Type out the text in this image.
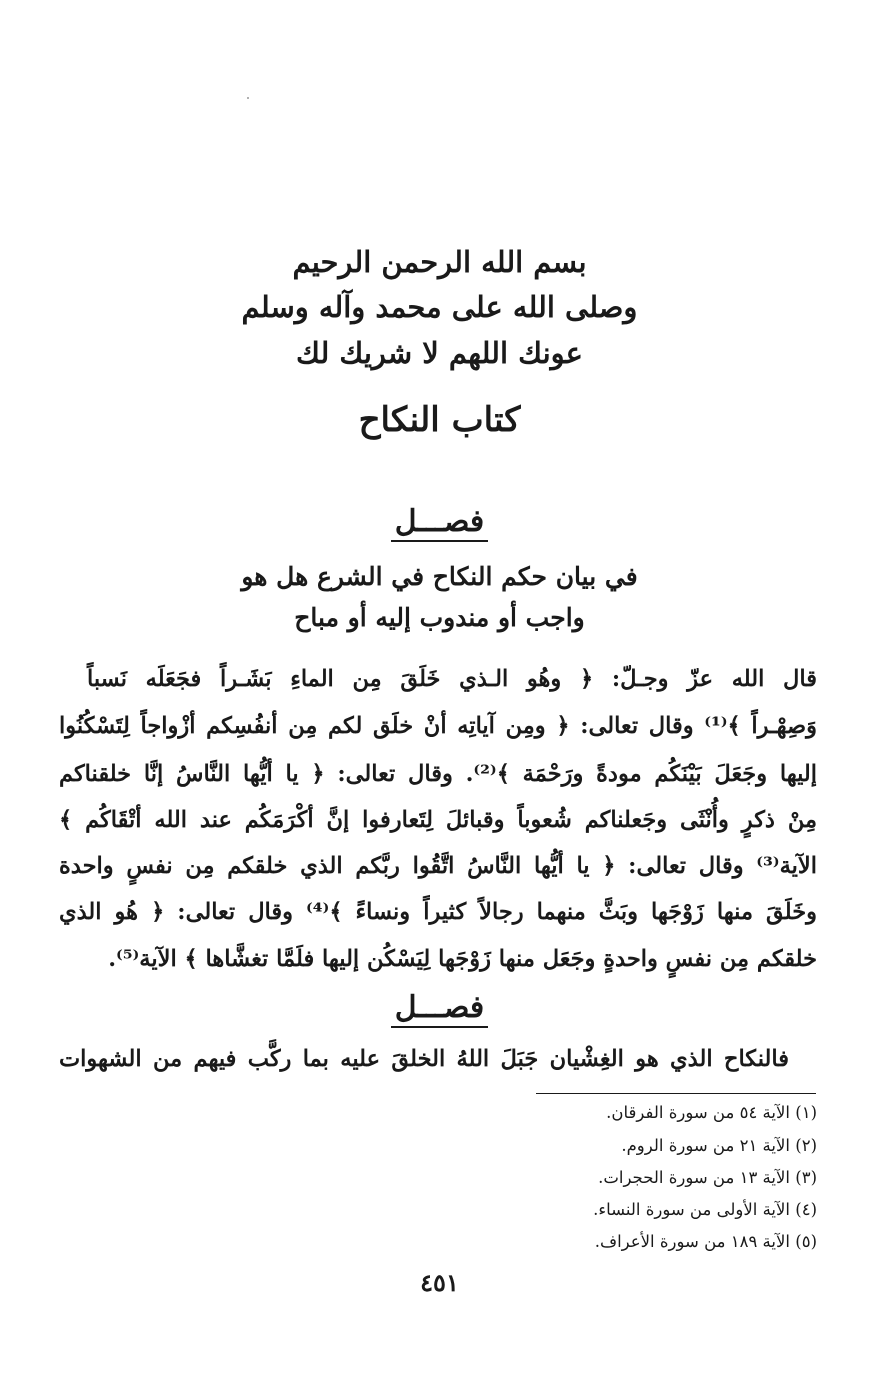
بسم الله الرحمن الرحيم
وصلى الله على محمد وآله وسلم
عونك اللهم لا شريك لك
كتاب النكاح
فصـــل
في بيان حكم النكاح في الشرع هل هو
واجب أو مندوب إليه أو مباح
قال الله عزّ وجـلّ: ﴿ وهُو الـذي خَلَقَ مِن الماءِ بَشَـراً فجَعَلَه نَسباً
وَصِهْـراً ﴾⁽¹⁾ وقال تعالى: ﴿ ومِن آياتِه أنْ خلَق لكم مِن أنفُسِكم أزْواجاً لِتَسْكُنُوا
إليها وجَعَلَ بَيْنَكُم مودةً ورَحْمَة ﴾⁽²⁾. وقال تعالى: ﴿ يا أيُّها النَّاسُ إنَّا خلقناكم
مِنْ ذكرٍ وأُنْثَى وجَعلناكم شُعوباً وقبائلَ لِتَعارفوا إنَّ أكْرَمَكُم عند الله أتْقَاكُم ﴾
الآية⁽³⁾ وقال تعالى: ﴿ يا أيُّها النَّاسُ اتَّقُوا ربَّكم الذي خلقكم مِن نفسٍ واحدة
وخَلَقَ منها زَوْجَها وبَثَّ منهما رجالاً كثيراً ونساءً ﴾⁽⁴⁾ وقال تعالى: ﴿ هُو الذي
خلقكم مِن نفسٍ واحدةٍ وجَعَل منها زَوْجَها لِيَسْكُن إليها فلَمَّا تغشَّاها ﴾ الآية⁽⁵⁾.
فصـــل
فالنكاح الذي هو الغِشْيان جَبَلَ اللهُ الخلقَ عليه بما ركَّب فيهم من الشهوات
(١) الآية ٥٤ من سورة الفرقان.
(٢) الآية ٢١ من سورة الروم.
(٣) الآية ١٣ من سورة الحجرات.
(٤) الآية الأولى من سورة النساء.
(٥) الآية ١٨٩ من سورة الأعراف.
٤٥١
